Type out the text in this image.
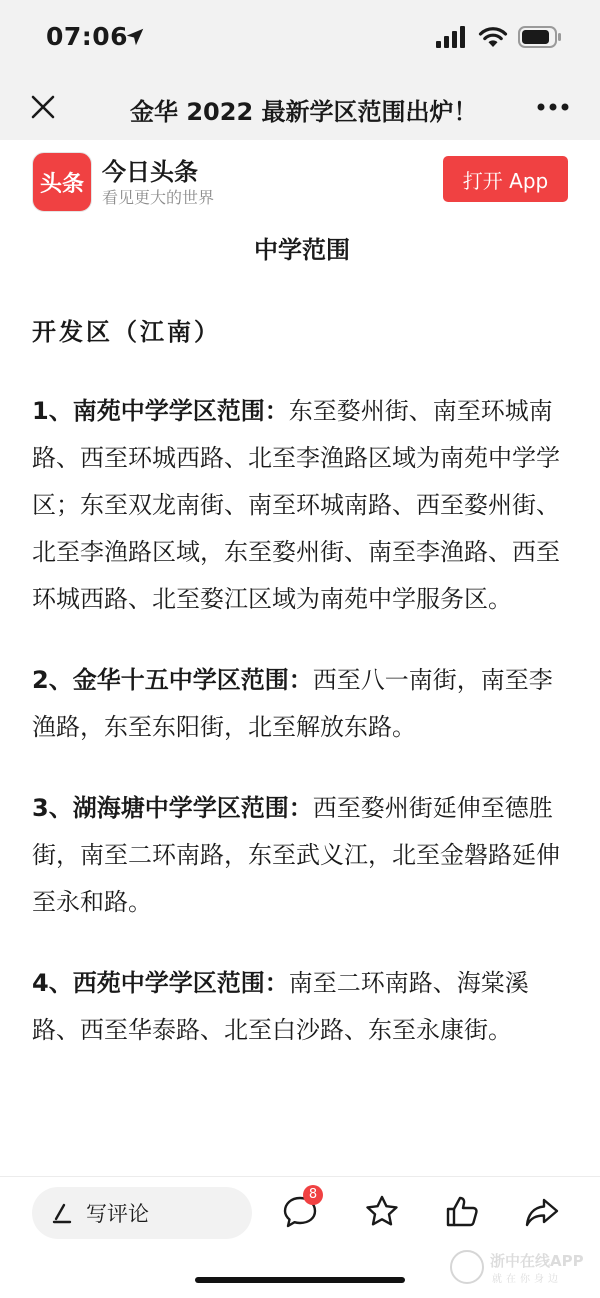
07:06
金华 2022 最新学区范围出炉！
头条 今日头条
看见更大的世界
打开 App
中学范围
开发区（江南）
1、南苑中学学区范围：东至婺州街、南至环城南路、西至环城西路、北至李渔路区域为南苑中学学区；东至双龙南街、南至环城南路、西至婺州街、北至李渔路区域，东至婺州街、南至李渔路、西至环城西路、北至婺江区域为南苑中学服务区。
2、金华十五中学区范围：西至八一南街，南至李渔路，东至东阳街，北至解放东路。
3、湖海塘中学学区范围：西至婺州街延伸至德胜街，南至二环南路，东至武义江，北至金磐路延伸至永和路。
4、西苑中学学区范围：南至二环南路、海棠溪路、西至华泰路、北至白沙路、东至永康街。
写评论
8
浙中在线APP
就在你身边
